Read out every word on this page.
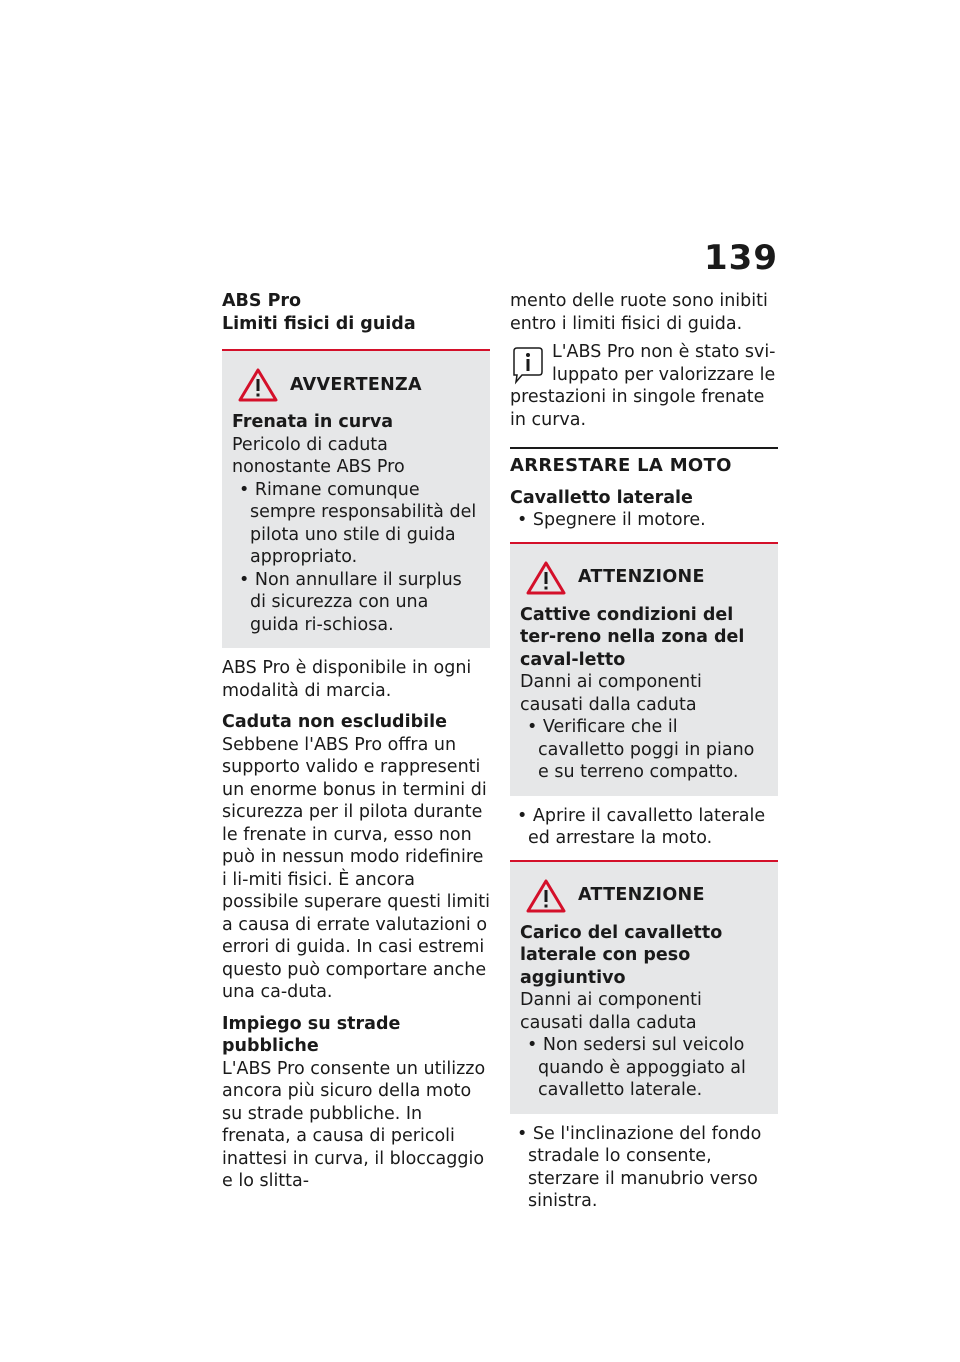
139

ABS Pro

Limiti fisici di guida

AVVERTENZA

Frenata in curva

Pericolo di caduta nonostante ABS Pro

• Rimane comunque sempre responsabilità del pilota uno stile di guida appropriato.

• Non annullare il surplus di sicurezza con una guida ri-schiosa.

ABS Pro è disponibile in ogni modalità di marcia.

Caduta non escludibile

Sebbene l'ABS Pro offra un supporto valido e rappresenti un enorme bonus in termini di sicurezza per il pilota durante le frenate in curva, esso non può in nessun modo ridefinire i li-miti fisici. È ancora possibile superare questi limiti a causa di errate valutazioni o errori di guida. In casi estremi questo può comportare anche una ca-duta.

Impiego su strade pubbliche

L'ABS Pro consente un utilizzo ancora più sicuro della moto su strade pubbliche. In frenata, a causa di pericoli inattesi in curva, il bloccaggio e lo slitta-

mento delle ruote sono inibiti entro i limiti fisici di guida.

L'ABS Pro non è stato svi-luppato per valorizzare le

prestazioni in singole frenate in curva.

ARRESTARE LA MOTO

Cavalletto laterale

• Spegnere il motore.

ATTENZIONE

Cattive condizioni del ter-reno nella zona del caval-letto

Danni ai componenti causati dalla caduta

• Verificare che il cavalletto poggi in piano e su terreno compatto.

• Aprire il cavalletto laterale ed arrestare la moto.

ATTENZIONE

Carico del cavalletto laterale con peso aggiuntivo

Danni ai componenti causati dalla caduta

• Non sedersi sul veicolo quando è appoggiato al cavalletto laterale.

• Se l'inclinazione del fondo stradale lo consente, sterzare il manubrio verso sinistra.
